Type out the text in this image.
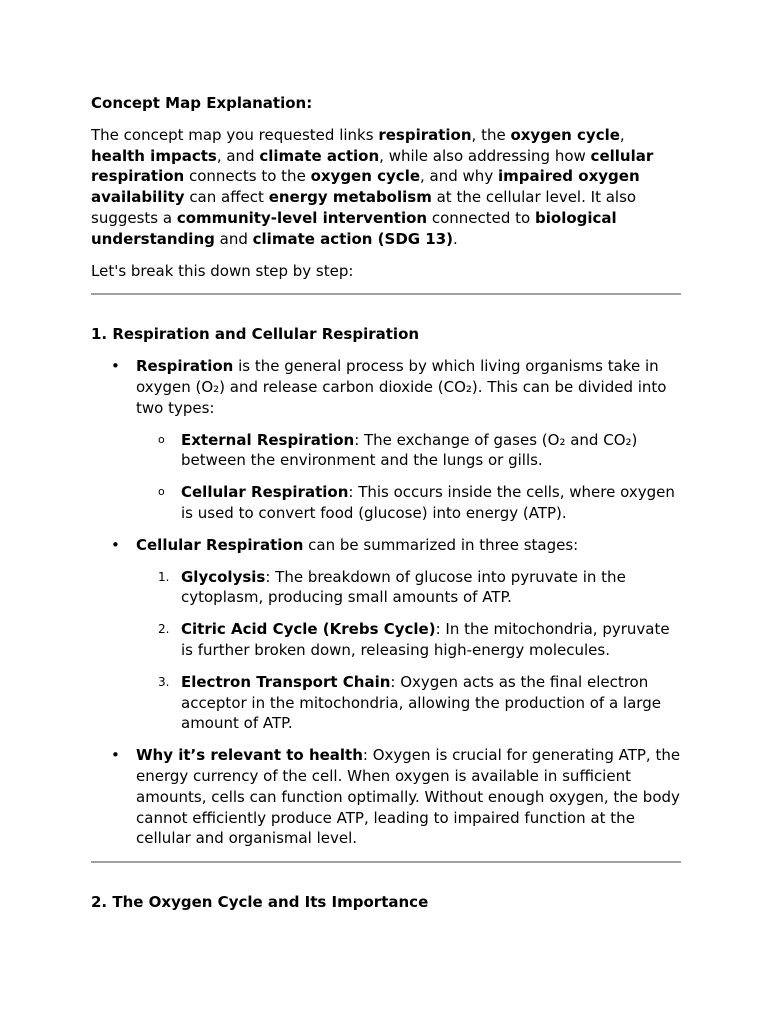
Concept Map Explanation:

The concept map you requested links respiration, the oxygen cycle, health impacts, and climate action, while also addressing how cellular respiration connects to the oxygen cycle, and why impaired oxygen availability can affect energy metabolism at the cellular level. It also suggests a community-level intervention connected to biological understanding and climate action (SDG 13).

Let's break this down step by step:

1. Respiration and Cellular Respiration

• Respiration is the general process by which living organisms take in oxygen (O₂) and release carbon dioxide (CO₂). This can be divided into two types:

o External Respiration: The exchange of gases (O₂ and CO₂) between the environment and the lungs or gills.

o Cellular Respiration: This occurs inside the cells, where oxygen is used to convert food (glucose) into energy (ATP).

• Cellular Respiration can be summarized in three stages:

1. Glycolysis: The breakdown of glucose into pyruvate in the cytoplasm, producing small amounts of ATP.

2. Citric Acid Cycle (Krebs Cycle): In the mitochondria, pyruvate is further broken down, releasing high-energy molecules.

3. Electron Transport Chain: Oxygen acts as the final electron acceptor in the mitochondria, allowing the production of a large amount of ATP.

• Why it’s relevant to health: Oxygen is crucial for generating ATP, the energy currency of the cell. When oxygen is available in sufficient amounts, cells can function optimally. Without enough oxygen, the body cannot efficiently produce ATP, leading to impaired function at the cellular and organismal level.

2. The Oxygen Cycle and Its Importance
